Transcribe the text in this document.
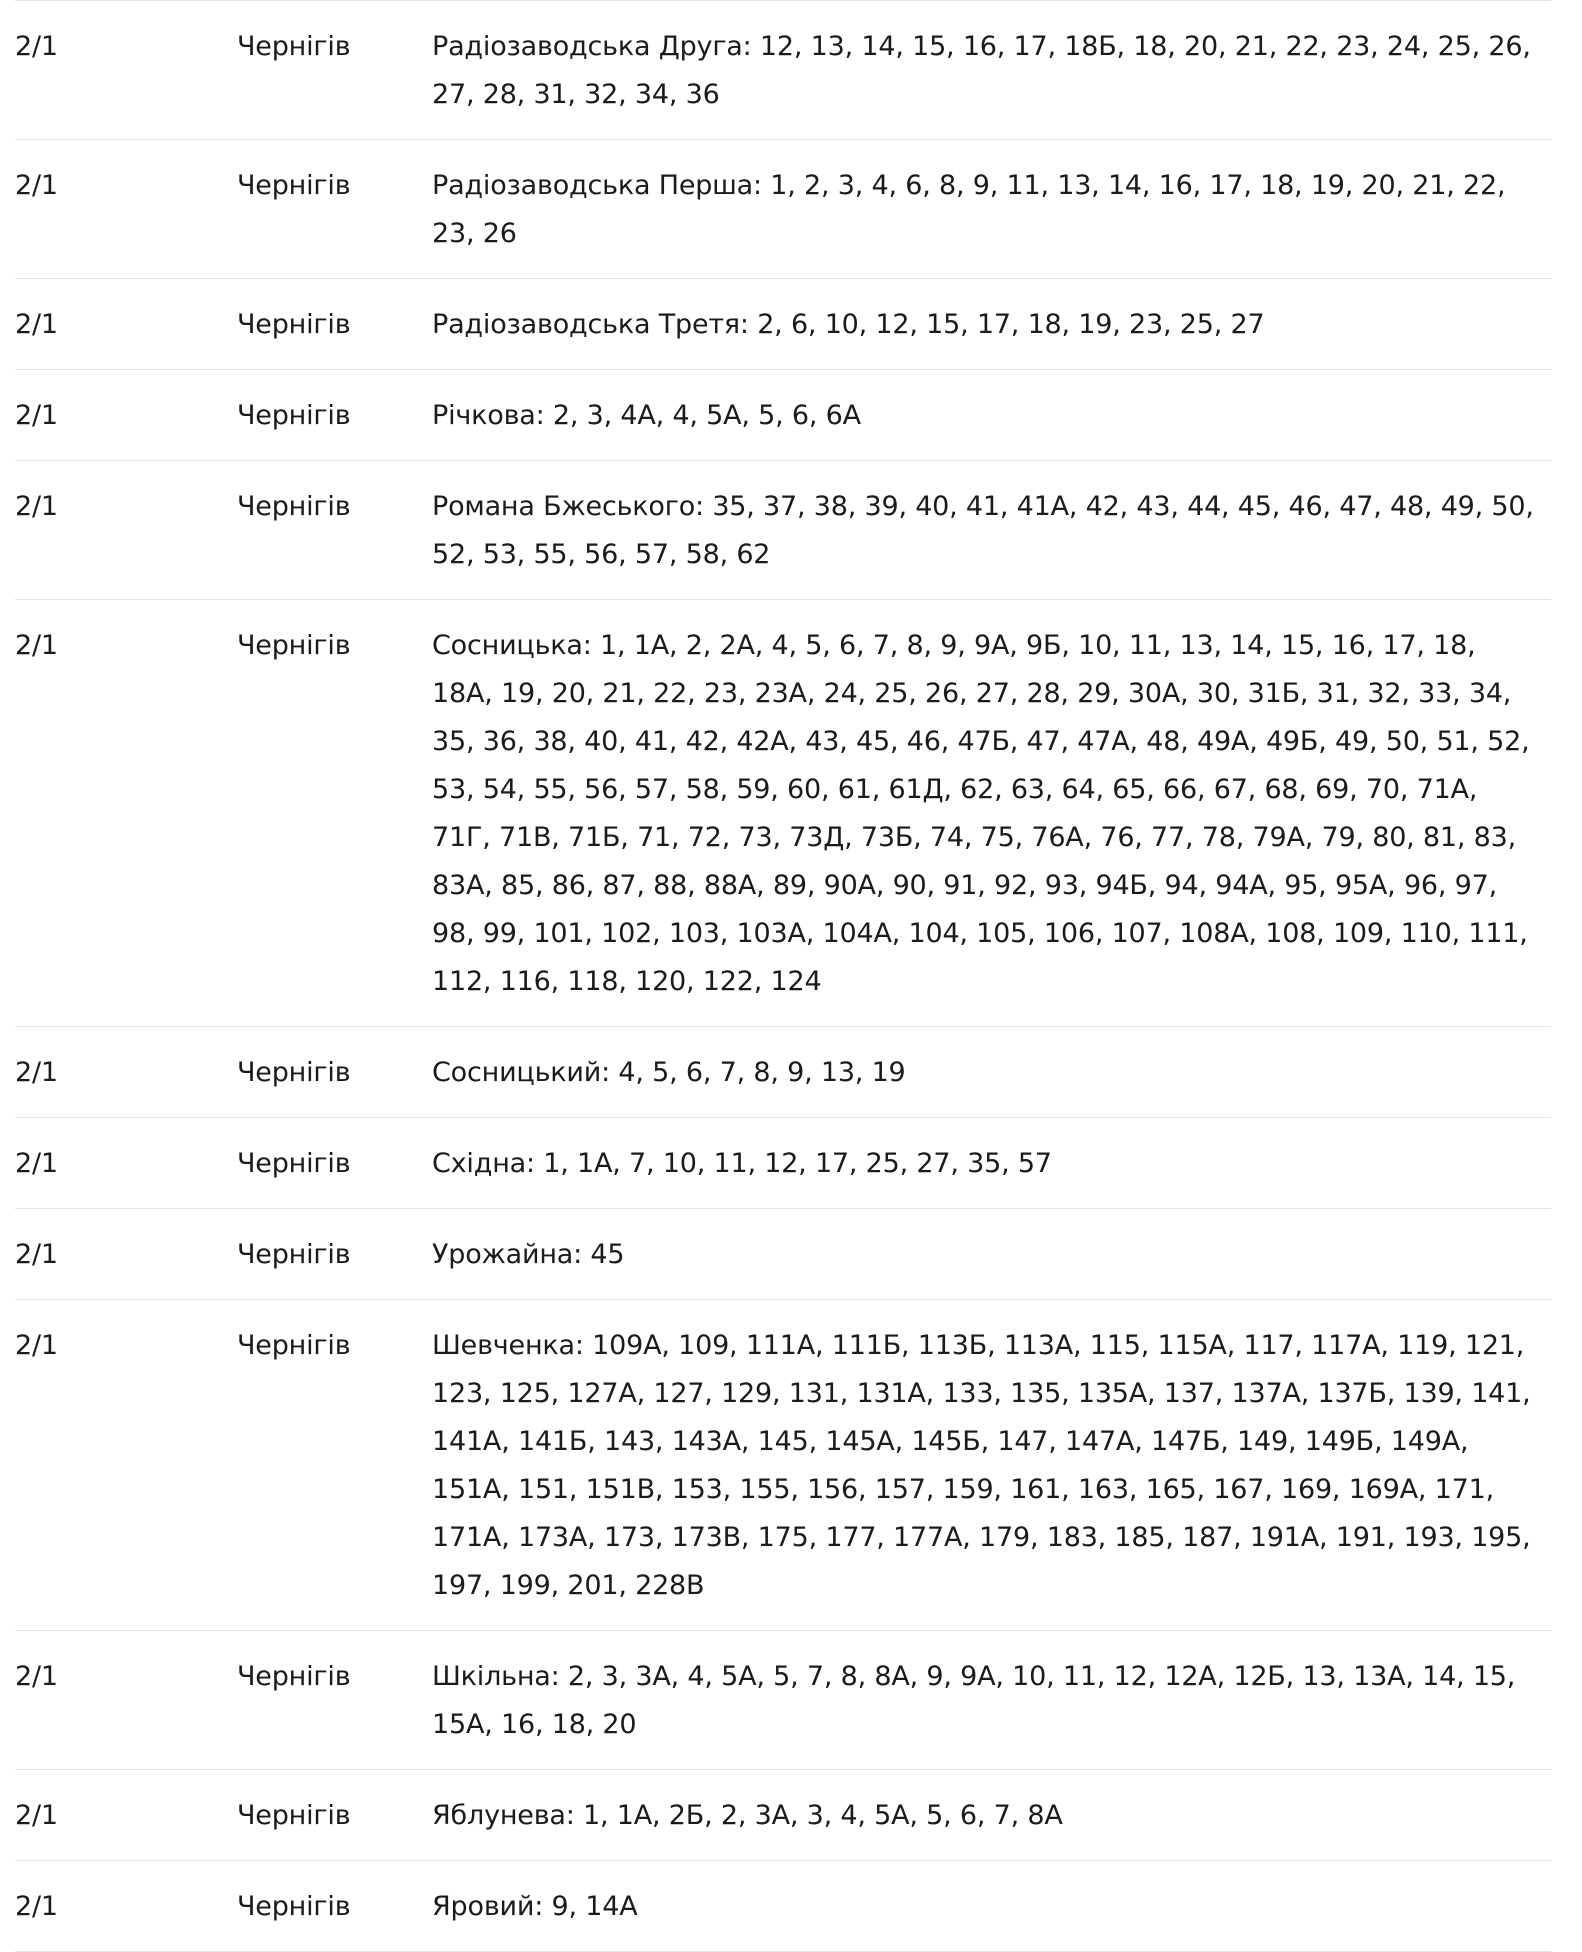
2/1	Чернігів	Радіозаводська Друга: 12, 13, 14, 15, 16, 17, 18Б, 18, 20, 21, 22, 23, 24, 25, 26, 27, 28, 31, 32, 34, 36
2/1	Чернігів	Радіозаводська Перша: 1, 2, 3, 4, 6, 8, 9, 11, 13, 14, 16, 17, 18, 19, 20, 21, 22, 23, 26
2/1	Чернігів	Радіозаводська Третя: 2, 6, 10, 12, 15, 17, 18, 19, 23, 25, 27
2/1	Чернігів	Річкова: 2, 3, 4А, 4, 5А, 5, 6, 6А
2/1	Чернігів	Романа Бжеського: 35, 37, 38, 39, 40, 41, 41А, 42, 43, 44, 45, 46, 47, 48, 49, 50, 52, 53, 55, 56, 57, 58, 62
2/1	Чернігів	Сосницька: 1, 1А, 2, 2А, 4, 5, 6, 7, 8, 9, 9А, 9Б, 10, 11, 13, 14, 15, 16, 17, 18, 18А, 19, 20, 21, 22, 23, 23А, 24, 25, 26, 27, 28, 29, 30А, 30, 31Б, 31, 32, 33, 34, 35, 36, 38, 40, 41, 42, 42А, 43, 45, 46, 47Б, 47, 47А, 48, 49А, 49Б, 49, 50, 51, 52, 53, 54, 55, 56, 57, 58, 59, 60, 61, 61Д, 62, 63, 64, 65, 66, 67, 68, 69, 70, 71А, 71Г, 71В, 71Б, 71, 72, 73, 73Д, 73Б, 74, 75, 76А, 76, 77, 78, 79А, 79, 80, 81, 83, 83А, 85, 86, 87, 88, 88А, 89, 90А, 90, 91, 92, 93, 94Б, 94, 94А, 95, 95А, 96, 97, 98, 99, 101, 102, 103, 103А, 104А, 104, 105, 106, 107, 108А, 108, 109, 110, 111, 112, 116, 118, 120, 122, 124
2/1	Чернігів	Сосницький: 4, 5, 6, 7, 8, 9, 13, 19
2/1	Чернігів	Східна: 1, 1А, 7, 10, 11, 12, 17, 25, 27, 35, 57
2/1	Чернігів	Урожайна: 45
2/1	Чернігів	Шевченка: 109А, 109, 111А, 111Б, 113Б, 113А, 115, 115А, 117, 117А, 119, 121, 123, 125, 127А, 127, 129, 131, 131А, 133, 135, 135А, 137, 137А, 137Б, 139, 141, 141А, 141Б, 143, 143А, 145, 145А, 145Б, 147, 147А, 147Б, 149, 149Б, 149А, 151А, 151, 151В, 153, 155, 156, 157, 159, 161, 163, 165, 167, 169, 169А, 171, 171А, 173А, 173, 173В, 175, 177, 177А, 179, 183, 185, 187, 191А, 191, 193, 195, 197, 199, 201, 228В
2/1	Чернігів	Шкільна: 2, 3, 3А, 4, 5А, 5, 7, 8, 8А, 9, 9А, 10, 11, 12, 12А, 12Б, 13, 13А, 14, 15, 15А, 16, 18, 20
2/1	Чернігів	Яблунева: 1, 1А, 2Б, 2, 3А, 3, 4, 5А, 5, 6, 7, 8А
2/1	Чернігів	Яровий: 9, 14А
